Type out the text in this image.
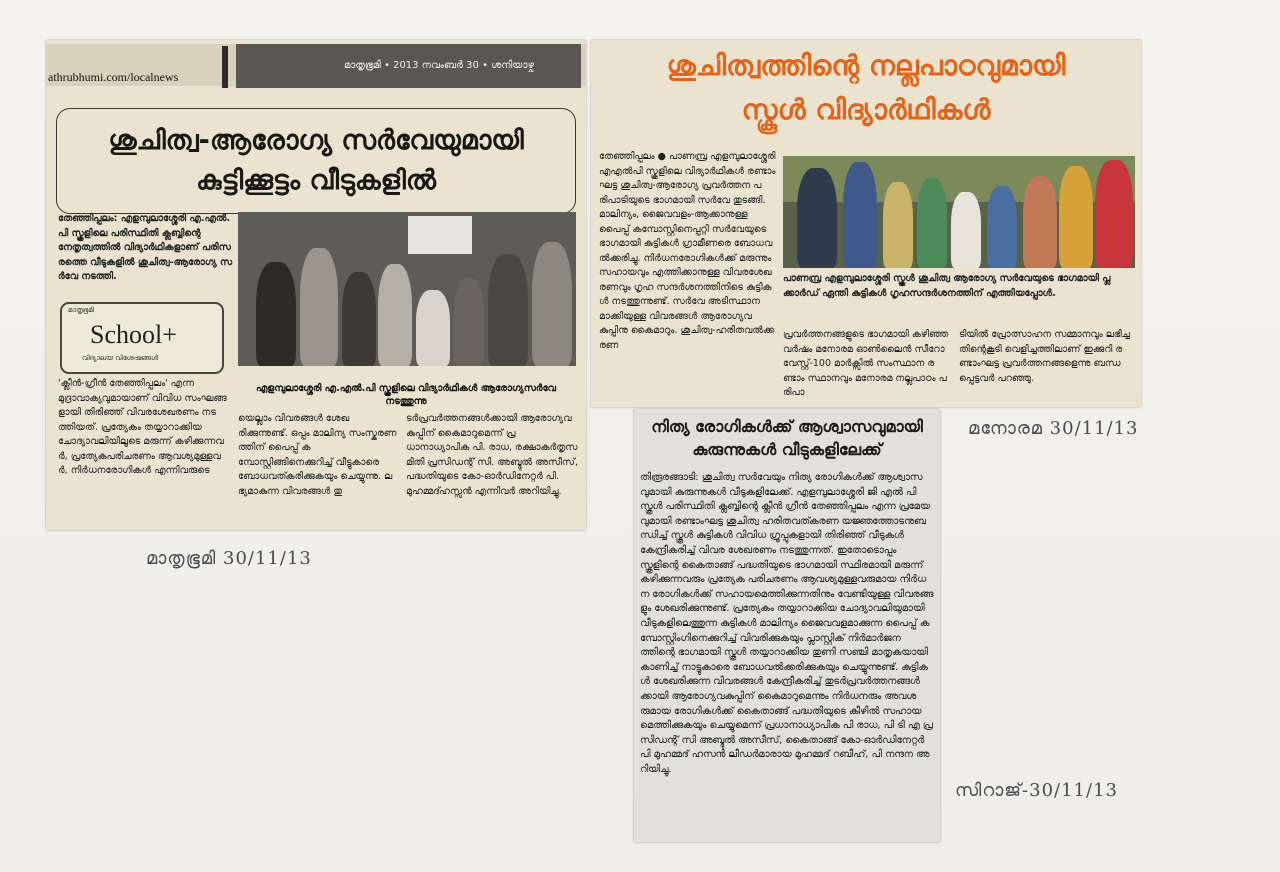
athrubhumi.com/localnews
മാതൃഭൂമി • 2013 നവംബർ 30 • ശനിയാഴ്ച
ശുചിത്വ-ആരോഗ്യ സർവേയുമായി
കുട്ടിക്കൂട്ടം വീടുകളിൽ
തേഞ്ഞിപ്പലം: എളമ്പുലാശ്ശേരി എ.എൽ.പി സ്കൂളിലെ പരിസ്ഥിതി ക്ലബ്ബിന്റെ നേതൃത്വത്തിൽ വിദ്യാർഥികളാണ് പരിസരത്തെ വീടുകളിൽ ശുചിത്വ-ആരോഗ്യ സർവേ നടത്തി.
മാതൃഭൂമി
School+
വിദ്യാലയ വിശേഷങ്ങൾ
എളമ്പുലാശ്ശേരി എ.എൽ.പി സ്കൂളിലെ വിദ്യാർഥികൾ ആരോഗ്യസർവേ നടത്തുന്നു
'ക്ലീൻ-ഗ്രീൻ തേഞ്ഞിപ്പലം' എന്ന മുദ്രാവാക്യവുമായാണ് വിവിധ സംഘങ്ങളായി തിരിഞ്ഞ് വിവരശേഖരണം നടത്തിയത്. പ്രത്യേകം തയ്യാറാക്കിയ ചോദ്യാവലിയിലൂടെ മരുന്ന് കഴിക്കുന്നവർ, പ്രത്യേകപരിചരണം ആവശ്യമുള്ളവർ, നിർധനരോഗികൾ എന്നിവരുടെ
യെല്ലാം വിവരങ്ങൾ ശേഖരിക്കുന്നുണ്ട്. ഒപ്പം മാലിന്യ സംസ്കരണത്തിന് പൈപ്പ് കമ്പോസ്റ്റിങ്ങിനെക്കുറിച്ച് വീട്ടുകാരെ ബോധവത്കരിക്കുകയും ചെയ്യുന്നു. ലഭ്യമാകുന്ന വിവരങ്ങൾ തു
ടർപ്രവർത്തനങ്ങൾക്കായി ആരോഗ്യവകുപ്പിന് കൈമാറുമെന്ന് പ്രധാനാധ്യാപിക പി. രാധ, രക്ഷാകർതൃസമിതി പ്രസിഡന്റ് സി. അബ്ദുൽ അസീസ്, പദ്ധതിയുടെ കോ-ഓർഡിനേറ്റർ പി. മുഹമ്മദ്ഹസ്സൻ എന്നിവർ അറിയിച്ചു.
ശുചിത്വത്തിന്റെ നല്ലപാഠവുമായി
സ്കൂൾ വിദ്യാർഥികൾ
തേഞ്ഞിപ്പലം ● പാണമ്പ്ര എളമ്പുലാശ്ശേരി എഎൽപി സ്കൂളിലെ വിദ്യാർഥികൾ രണ്ടാം ഘട്ട ശുചിത്വ-ആരോഗ്യ പ്രവർത്തന പരിപാടിയുടെ ഭാഗമായി സർവേ തുടങ്ങി. മാലിന്യം, ജൈവവളം-ആക്കാനുള്ള പൈപ്പ് കമ്പോസ്റ്റിനെപ്പറ്റി സർവേയുടെ ഭാഗമായി കുട്ടികൾ ഗ്രാമീണരെ ബോധവൽക്കരിച്ചു. നിർധനരോഗികൾക്ക് മരുന്നും സഹായവും എത്തിക്കാനുള്ള വിവരശേഖരണവും ഗൃഹ സന്ദർശനത്തിനിടെ കുട്ടികൾ നടത്തുന്നുണ്ട്. സർവേ അടിസ്ഥാനമാക്കിയുള്ള വിവരങ്ങൾ ആരോഗ്യവകുപ്പിനു കൈമാറും. ശുചിത്വ-ഹരിതവൽക്കരണ
പാണമ്പ്ര എളമ്പുലാശ്ശേരി സ്കൂൾ ശുചിത്വ ആരോഗ്യ സർവേയുടെ ഭാഗമായി പ്ലക്കാർഡ് ഏന്തി കുട്ടികൾ ഗൃഹസന്ദർശനത്തിന് എത്തിയപ്പോൾ.
പ്രവർത്തനങ്ങളുടെ ഭാഗമായി കഴിഞ്ഞ വർഷം മനോരമ ഓൺലൈൻ സീറോ വേസ്റ്റ്-100 മാർക്സിൽ സംസ്ഥാന രണ്ടാം സ്ഥാനവും മനോരമ നല്ലപാഠം പരിപാ
ടിയിൽ പ്രോത്സാഹന സമ്മാനവും ലഭിച്ചതിന്റെകൂടി വെളിച്ചത്തിലാണ് ഇക്കുറി രണ്ടാംഘട്ട പ്രവർത്തനങ്ങളെന്നു ബന്ധപ്പെട്ടവർ പറഞ്ഞു.
നിത്യ രോഗികൾക്ക് ആശ്വാസവുമായി
കുരുന്നുകൾ വീടുകളിലേക്ക്
തിരൂരങ്ങാടി: ശുചിത്വ സർവേയും നിത്യ രോഗികൾക്ക് ആശ്വാസവുമായി കുരുന്നുകൾ വീടുകളിലേക്ക്. എളമ്പുലാശ്ശേരി ജി എൽ പി സ്കൂൾ പരിസ്ഥിതി ക്ലബ്ബിന്റെ ക്ലീൻ ഗ്രീൻ തേഞ്ഞിപ്പലം എന്ന പ്രമേയവുമായി രണ്ടാംഘട്ട ശുചിത്വ ഹരിതവത്കരണ യജ്ഞത്തോടനുബന്ധിച്ച് സ്കൂൾ കുട്ടികൾ വിവിധ ഗ്രൂപ്പുകളായി തിരിഞ്ഞ് വീടുകൾ കേന്ദ്രീകരിച്ച് വിവര ശേഖരണം നടത്തുന്നത്. ഇതോടൊപ്പം സ്കൂളിന്റെ കൈതാങ്ങ് പദ്ധതിയുടെ ഭാഗമായി സ്ഥിരമായി മരുന്ന് കഴിക്കുന്നവരും പ്രത്യേക പരിചരണം ആവശ്യമുള്ളവരുമായ നിർധന രോഗികൾക്ക് സഹായമെത്തിക്കുന്നതിനും വേണ്ടിയുള്ള വിവരങ്ങളും ശേഖരിക്കുന്നുണ്ട്. പ്രത്യേകം തയ്യാറാക്കിയ ചോദ്യാവലിയുമായി വീടുകളിലെത്തുന്ന കുട്ടികൾ മാലിന്യം ജൈവവളമാക്കുന്ന പൈപ്പ് കമ്പോസ്റ്റിംഗിനെക്കുറിച്ച് വിവരിക്കുകയും പ്ലാസ്റ്റിക് നിർമാർജനത്തിന്റെ ഭാഗമായി സ്കൂൾ തയ്യാറാക്കിയ തുണി സഞ്ചി മാതൃകയായി കാണിച്ച് നാട്ടുകാരെ ബോധവൽക്കരിക്കുകയും ചെയ്യുന്നുണ്ട്. കുട്ടികൾ ശേഖരിക്കുന്ന വിവരങ്ങൾ കേന്ദ്രീകരിച്ച് തുടർപ്രവർത്തനങ്ങൾക്കായി ആരോഗ്യവകുപ്പിന് കൈമാറുമെന്നും നിർധനരും അവശരുമായ രോഗികൾക്ക് കൈതാങ്ങ് പദ്ധതിയുടെ കീഴിൽ സഹായമെത്തിക്കുകയും ചെയ്യുമെന്ന് പ്രധാനാധ്യാപിക പി രാധ, പി ടി എ പ്രസിഡന്റ് സി അബ്ദുൽ അസീസ്, കൈതാങ്ങ് കോ-ഓർഡിനേറ്റർ പി മുഹമ്മദ് ഹസൻ ലീഡർമാരായ മുഹമ്മദ് റബീഹ്, പി നന്ദന അറിയിച്ചു.
മാതൃഭൂമി 30/11/13
മനോരമ 30/11/13
സിറാജ്-30/11/13
